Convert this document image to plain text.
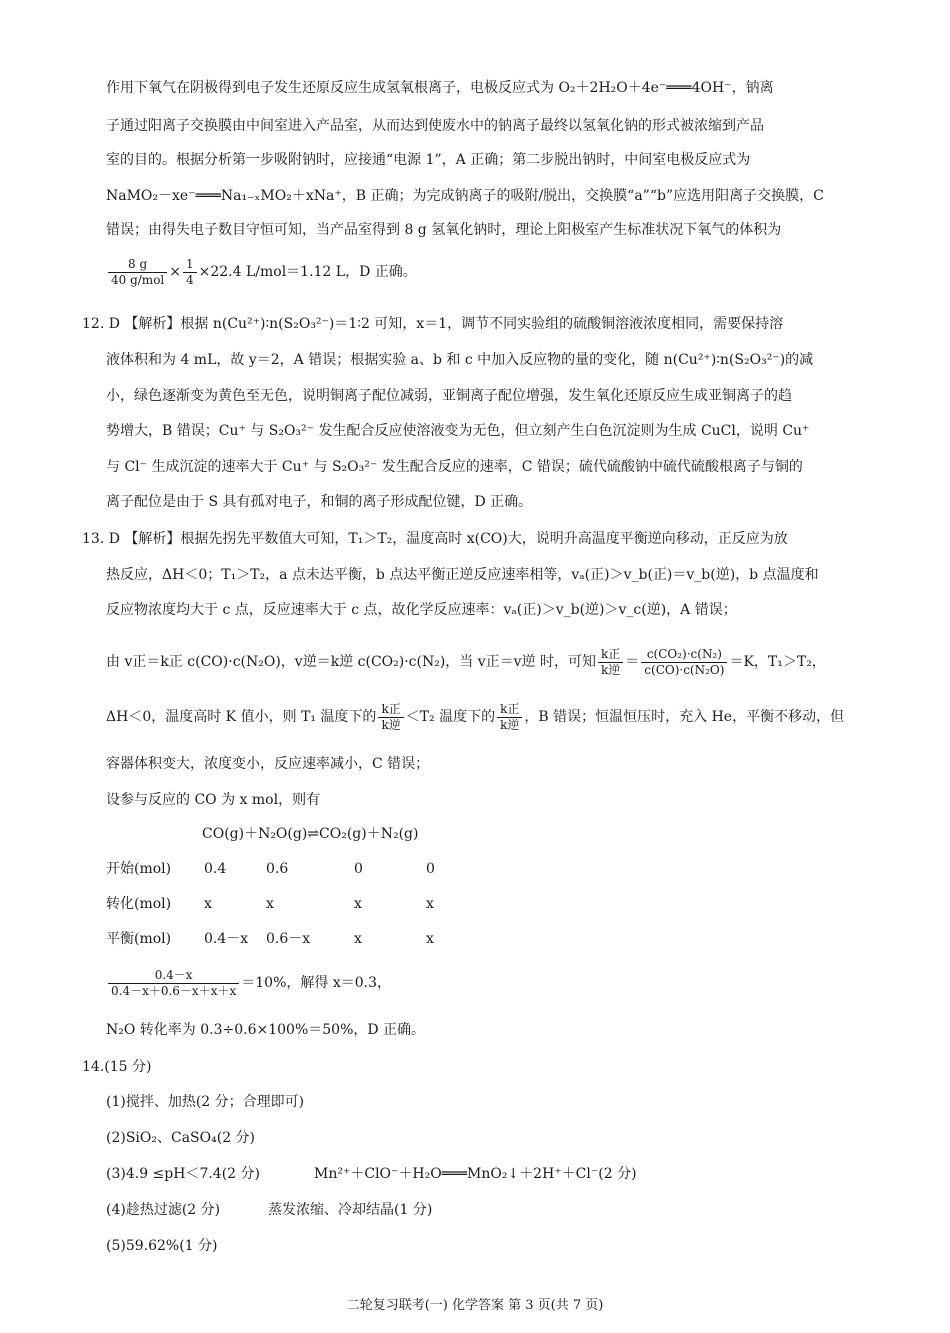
作用下氧气在阴极得到电子发生还原反应生成氢氧根离子，电极反应式为 O₂＋2H₂O＋4e⁻═══4OH⁻，钠离
子通过阳离子交换膜由中间室进入产品室，从而达到使废水中的钠离子最终以氢氧化钠的形式被浓缩到产品
室的目的。根据分析第一步吸附钠时，应接通“电源 1”，A 正确；第二步脱出钠时，中间室电极反应式为
NaMO₂－xe⁻═══Na₁₋ₓMO₂＋xNa⁺，B 正确；为完成钠离子的吸附/脱出，交换膜“a”“b”应选用阳离子交换膜，C
错误；由得失电子数目守恒可知，当产品室得到 8 g 氢氧化钠时，理论上阳极室产生标准状况下氧气的体积为
$\frac{8 g}{\text{40 g/mol}} \times \frac{1}{4} \times 22.4$ L/mol＝1.12 L，D 正确。
12. D 【解析】根据 n(Cu²⁺)∶n(S₂O₃²⁻)＝1∶2 可知，x＝1，调节不同实验组的硫酸铜溶液浓度相同，需要保持溶
液体积和为 4 mL，故 y＝2，A 错误；根据实验 a、b 和 c 中加入反应物的量的变化，随 n(Cu²⁺)∶n(S₂O₃²⁻)的减
小，绿色逐渐变为黄色至无色，说明铜离子配位减弱，亚铜离子配位增强，发生氧化还原反应生成亚铜离子的趋
势增大，B 错误；Cu⁺ 与 S₂O₃²⁻ 发生配合反应使溶液变为无色，但立刻产生白色沉淀则为生成 CuCl，说明 Cu⁺
与 Cl⁻ 生成沉淀的速率大于 Cu⁺ 与 S₂O₃²⁻ 发生配合反应的速率，C 错误；硫代硫酸钠中硫代硫酸根离子与铜的
离子配位是由于 S 具有孤对电子，和铜的离子形成配位键，D 正确。
13. D 【解析】根据先拐先平数值大可知，T₁＞T₂，温度高时 x(CO)大，说明升高温度平衡逆向移动，正反应为放
热反应，ΔH＜0；T₁＞T₂，a 点未达平衡，b 点达平衡正逆反应速率相等，vₐ(正)＞v_b(正)＝v_b(逆)，b 点温度和
反应物浓度均大于 c 点，反应速率大于 c 点，故化学反应速率：vₐ(正)＞v_b(逆)＞v_c(逆)，A 错误；
由 v正＝k正 c(CO)·c(N₂O)，v逆＝k逆 c(CO₂)·c(N₂)，当 v正＝v逆 时，可知 $\frac{\text{k正}}{\text{k逆}} = \frac{\text{c(CO₂)·c(N₂)}}{\text{c(CO)·c(N₂O)}} =K$，T₁＞T₂，
ΔH＜0，温度高时 K 值小，则 T₁ 温度下的 $\frac{\text{k正}}{\text{k逆}} <T_2$ 温度下的 $\frac{\text{k正}}{\text{k逆}}$ ，B 错误；恒温恒压时，充入 He，平衡不移动，但
容器体积变大，浓度变小，反应速率减小，C 错误；
设参与反应的 CO 为 x mol，则有
CO(g)＋N₂O(g)⇌CO₂(g)＋N₂(g)
开始(mol) 0.4	0.6	0	0
转化(mol) x	x	x	x
平衡(mol) 0.4－x 0.6－x	x	x
$\frac{0.4-x}{0.4-x+0.6-x+x+x} =10\%$，解得 x＝0.3，
N₂O 转化率为 0.3÷0.6×100%＝50%，D 正确。
14.(15 分)
(1)搅拌、加热(2 分；合理即可)
(2)SiO₂、CaSO₄(2 分)
(3)4.9 ≤pH＜7.4(2 分)	Mn²⁺＋ClO⁻＋H₂O═══MnO₂↓＋2H⁺＋Cl⁻(2 分)
(4)趁热过滤(2 分)	蒸发浓缩、冷却结晶(1 分)
(5)59.62%(1 分)
二轮复习联考(一) 化学答案 第 3 页(共 7 页)
